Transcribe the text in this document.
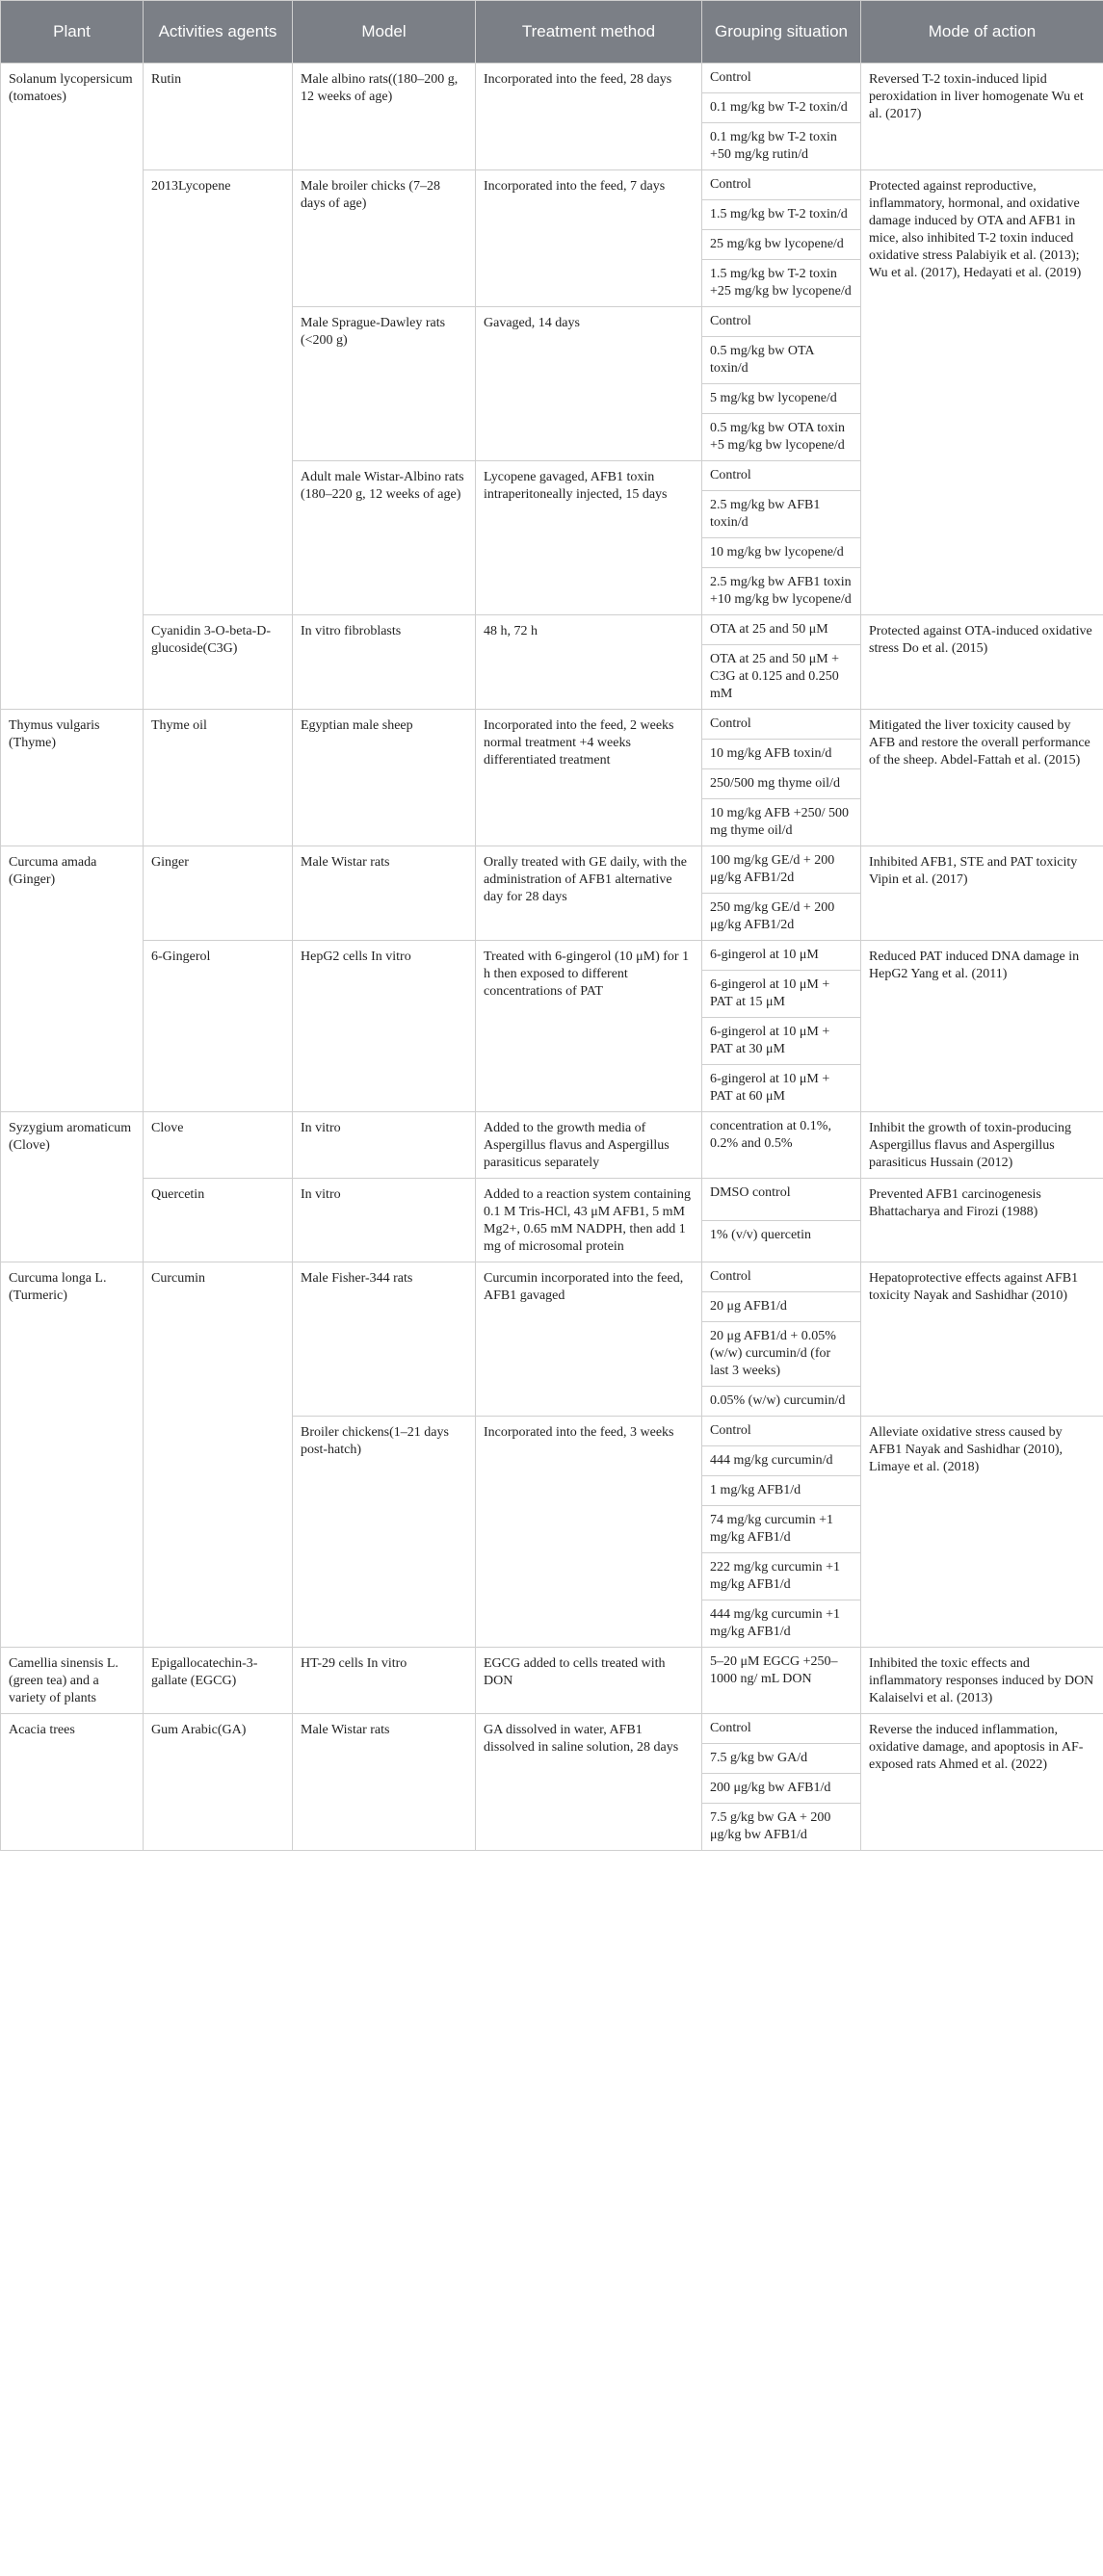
Plant	Activities agents	Model	Treatment method	Grouping situation	Mode of action
Solanum lycopersicum (tomatoes)	Rutin	Male albino rats((180–200 g, 12 weeks of age)	Incorporated into the feed, 28 days	Control	Reversed T-2 toxin-induced lipid peroxidation in liver homogenate Wu et al. (2017)
				0.1 mg/kg bw T-2 toxin/d	
				0.1 mg/kg bw T-2 toxin +50 mg/kg rutin/d	
	2013Lycopene	Male broiler chicks (7–28 days of age)	Incorporated into the feed, 7 days	Control	Protected against reproductive, inflammatory, hormonal, and oxidative damage induced by OTA and AFB1 in mice, also inhibited T-2 toxin induced oxidative stress Palabiyik et al. (2013); Wu et al. (2017), Hedayati et al. (2019)
				1.5 mg/kg bw T-2 toxin/d	
				25 mg/kg bw lycopene/d	
				1.5 mg/kg bw T-2 toxin +25 mg/kg bw lycopene/d	
		Male Sprague-Dawley rats (<200 g)	Gavaged, 14 days	Control	
				0.5 mg/kg bw OTA toxin/d	
				5 mg/kg bw lycopene/d	
				0.5 mg/kg bw OTA toxin +5 mg/kg bw lycopene/d	
		Adult male Wistar-Albino rats (180–220 g, 12 weeks of age)	Lycopene gavaged, AFB1 toxin intraperitoneally injected, 15 days	Control	
				2.5 mg/kg bw AFB1 toxin/d	
				10 mg/kg bw lycopene/d	
				2.5 mg/kg bw AFB1 toxin +10 mg/kg bw lycopene/d	
	Cyanidin 3-O-beta-D-glucoside(C3G)	In vitro fibroblasts	48 h, 72 h	OTA at 25 and 50 μM	Protected against OTA-induced oxidative stress Do et al. (2015)
				OTA at 25 and 50 μM + C3G at 0.125 and 0.250 mM	
Thymus vulgaris (Thyme)	Thyme oil	Egyptian male sheep	Incorporated into the feed, 2 weeks normal treatment +4 weeks differentiated treatment	Control	Mitigated the liver toxicity caused by AFB and restore the overall performance of the sheep. Abdel-Fattah et al. (2015)
				10 mg/kg AFB toxin/d	
				250/500 mg thyme oil/d	
				10 mg/kg AFB +250/ 500 mg thyme oil/d	
Curcuma amada (Ginger)	Ginger	Male Wistar rats	Orally treated with GE daily, with the administration of AFB1 alternative day for 28 days	100 mg/kg GE/d + 200 μg/kg AFB1/2d	Inhibited AFB1, STE and PAT toxicity Vipin et al. (2017)
				250 mg/kg GE/d + 200 μg/kg AFB1/2d	
	6-Gingerol	HepG2 cells In vitro	Treated with 6-gingerol (10 μM) for 1 h then exposed to different concentrations of PAT	6-gingerol at 10 μM	Reduced PAT induced DNA damage in HepG2 Yang et al. (2011)
				6-gingerol at 10 μM + PAT at 15 μM	
				6-gingerol at 10 μM + PAT at 30 μM	
				6-gingerol at 10 μM + PAT at 60 μM	
Syzygium aromaticum (Clove)	Clove	In vitro	Added to the growth media of Aspergillus flavus and Aspergillus parasiticus separately	concentration at 0.1%, 0.2% and 0.5%	Inhibit the growth of toxin-producing Aspergillus flavus and Aspergillus parasiticus Hussain (2012)
	Quercetin	In vitro	Added to a reaction system containing 0.1 M Tris-HCl, 43 μM AFB1, 5 mM Mg2+, 0.65 mM NADPH, then add 1 mg of microsomal protein	DMSO control	Prevented AFB1 carcinogenesis Bhattacharya and Firozi (1988)
				1% (v/v) quercetin	
Curcuma longa L. (Turmeric)	Curcumin	Male Fisher-344 rats	Curcumin incorporated into the feed, AFB1 gavaged	Control	Hepatoprotective effects against AFB1 toxicity Nayak and Sashidhar (2010)
				20 μg AFB1/d	
				20 μg AFB1/d + 0.05% (w/w) curcumin/d (for last 3 weeks)	
				0.05% (w/w) curcumin/d	
		Broiler chickens(1–21 days post-hatch)	Incorporated into the feed, 3 weeks	Control	Alleviate oxidative stress caused by AFB1 Nayak and Sashidhar (2010), Limaye et al. (2018)
				444 mg/kg curcumin/d	
				1 mg/kg AFB1/d	
				74 mg/kg curcumin +1 mg/kg AFB1/d	
				222 mg/kg curcumin +1 mg/kg AFB1/d	
				444 mg/kg curcumin +1 mg/kg AFB1/d	
Camellia sinensis L. (green tea) and a variety of plants	Epigallocatechin-3-gallate (EGCG)	HT-29 cells In vitro	EGCG added to cells treated with DON	5–20 μM EGCG +250–1000 ng/ mL DON	Inhibited the toxic effects and inflammatory responses induced by DON Kalaiselvi et al. (2013)
Acacia trees	Gum Arabic(GA)	Male Wistar rats	GA dissolved in water, AFB1 dissolved in saline solution, 28 days	Control	Reverse the induced inflammation, oxidative damage, and apoptosis in AF-exposed rats Ahmed et al. (2022)
				7.5 g/kg bw GA/d	
				200 μg/kg bw AFB1/d	
				7.5 g/kg bw GA + 200 μg/kg bw AFB1/d	
